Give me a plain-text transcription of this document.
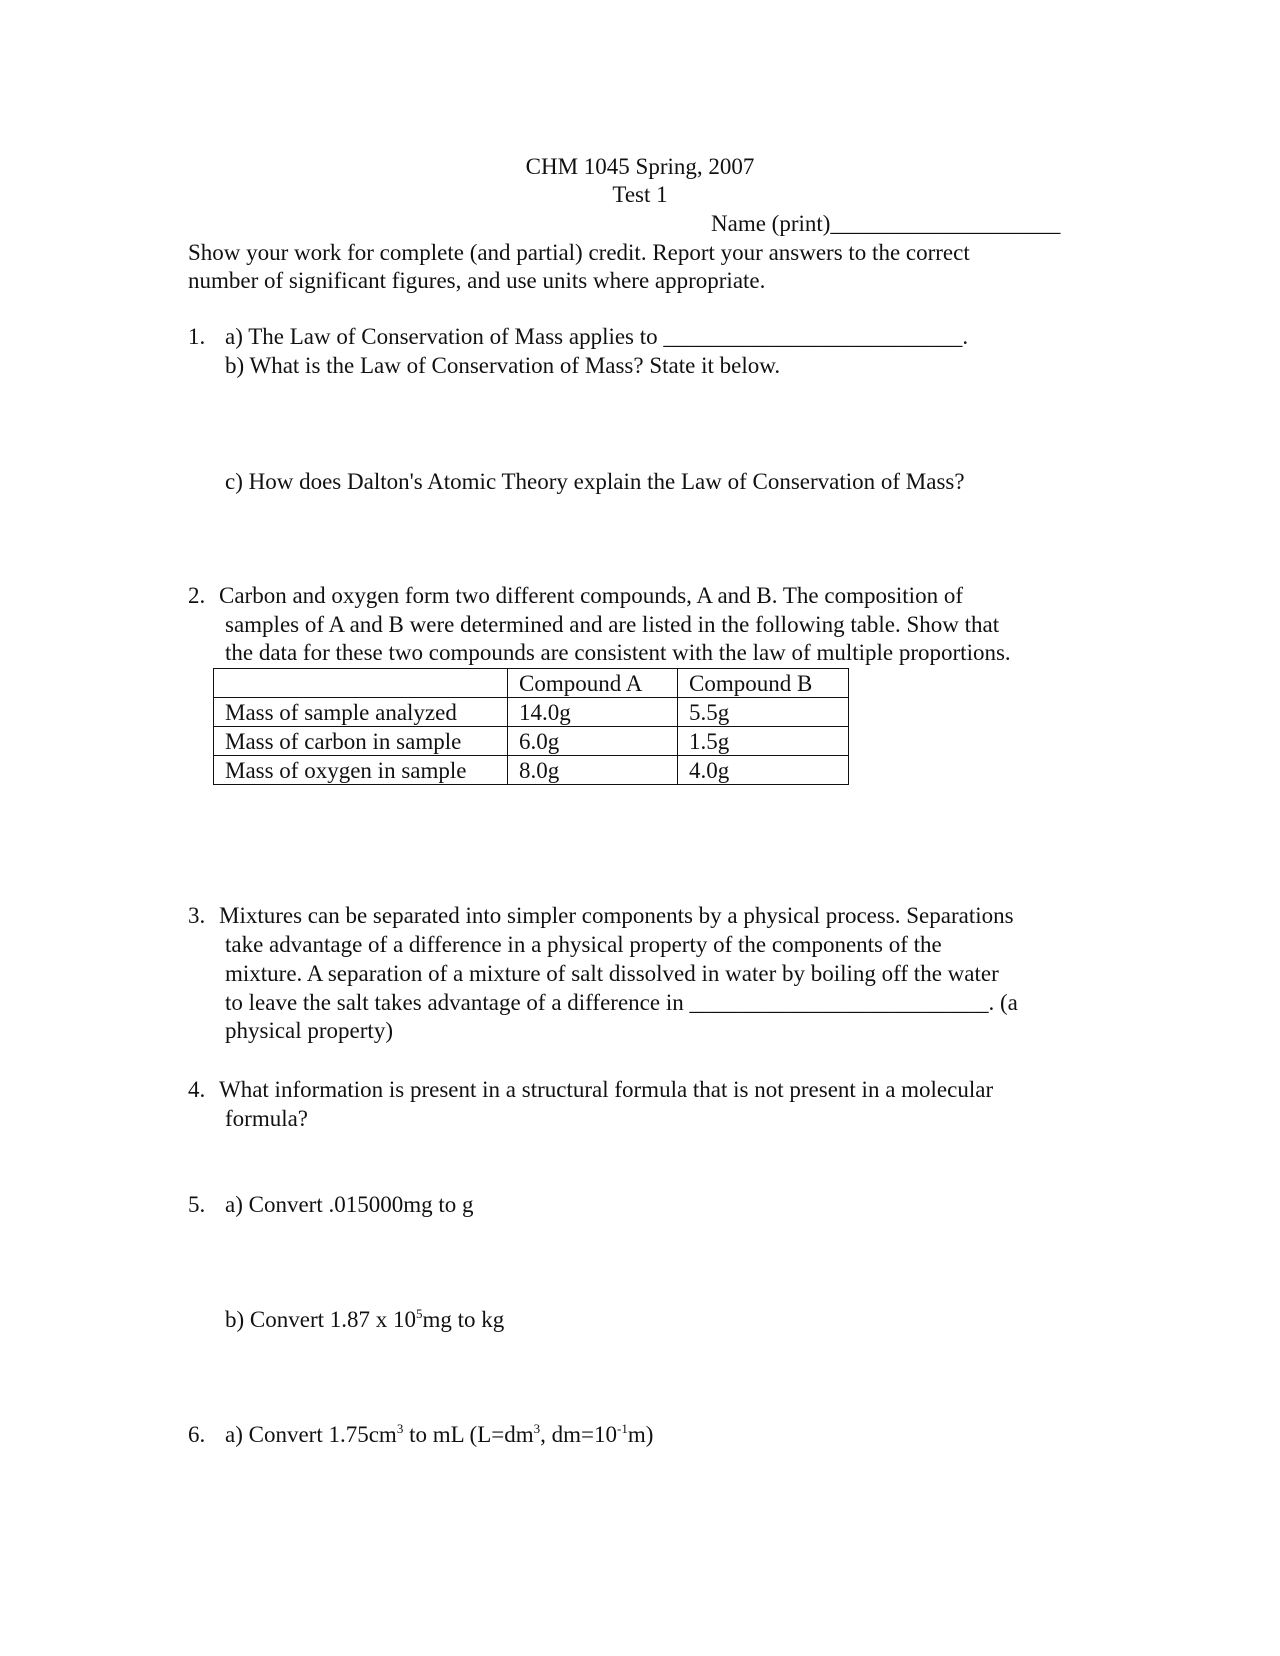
CHM 1045 Spring, 2007
Test 1
Name (print)____________________
Show your work for complete (and partial) credit. Report your answers to the correct
number of significant figures, and use units where appropriate.
1. a) The Law of Conservation of Mass applies to __________________________.
b) What is the Law of Conservation of Mass? State it below.
c) How does Dalton's Atomic Theory explain the Law of Conservation of Mass?
2. Carbon and oxygen form two different compounds, A and B. The composition of
samples of A and B were determined and are listed in the following table. Show that
the data for these two compounds are consistent with the law of multiple proportions.
	Compound A	Compound B
Mass of sample analyzed	14.0g	5.5g
Mass of carbon in sample	6.0g	1.5g
Mass of oxygen in sample	8.0g	4.0g
3. Mixtures can be separated into simpler components by a physical process. Separations
take advantage of a difference in a physical property of the components of the
mixture. A separation of a mixture of salt dissolved in water by boiling off the water
to leave the salt takes advantage of a difference in __________________________. (a
physical property)
4. What information is present in a structural formula that is not present in a molecular
formula?
5. a) Convert .015000mg to g
b) Convert 1.87 x $10^5mg$ to kg
6. a) Convert $1.75cm^3$ to mL ($L=dm^3$, $dm=10^{-1}m$)
